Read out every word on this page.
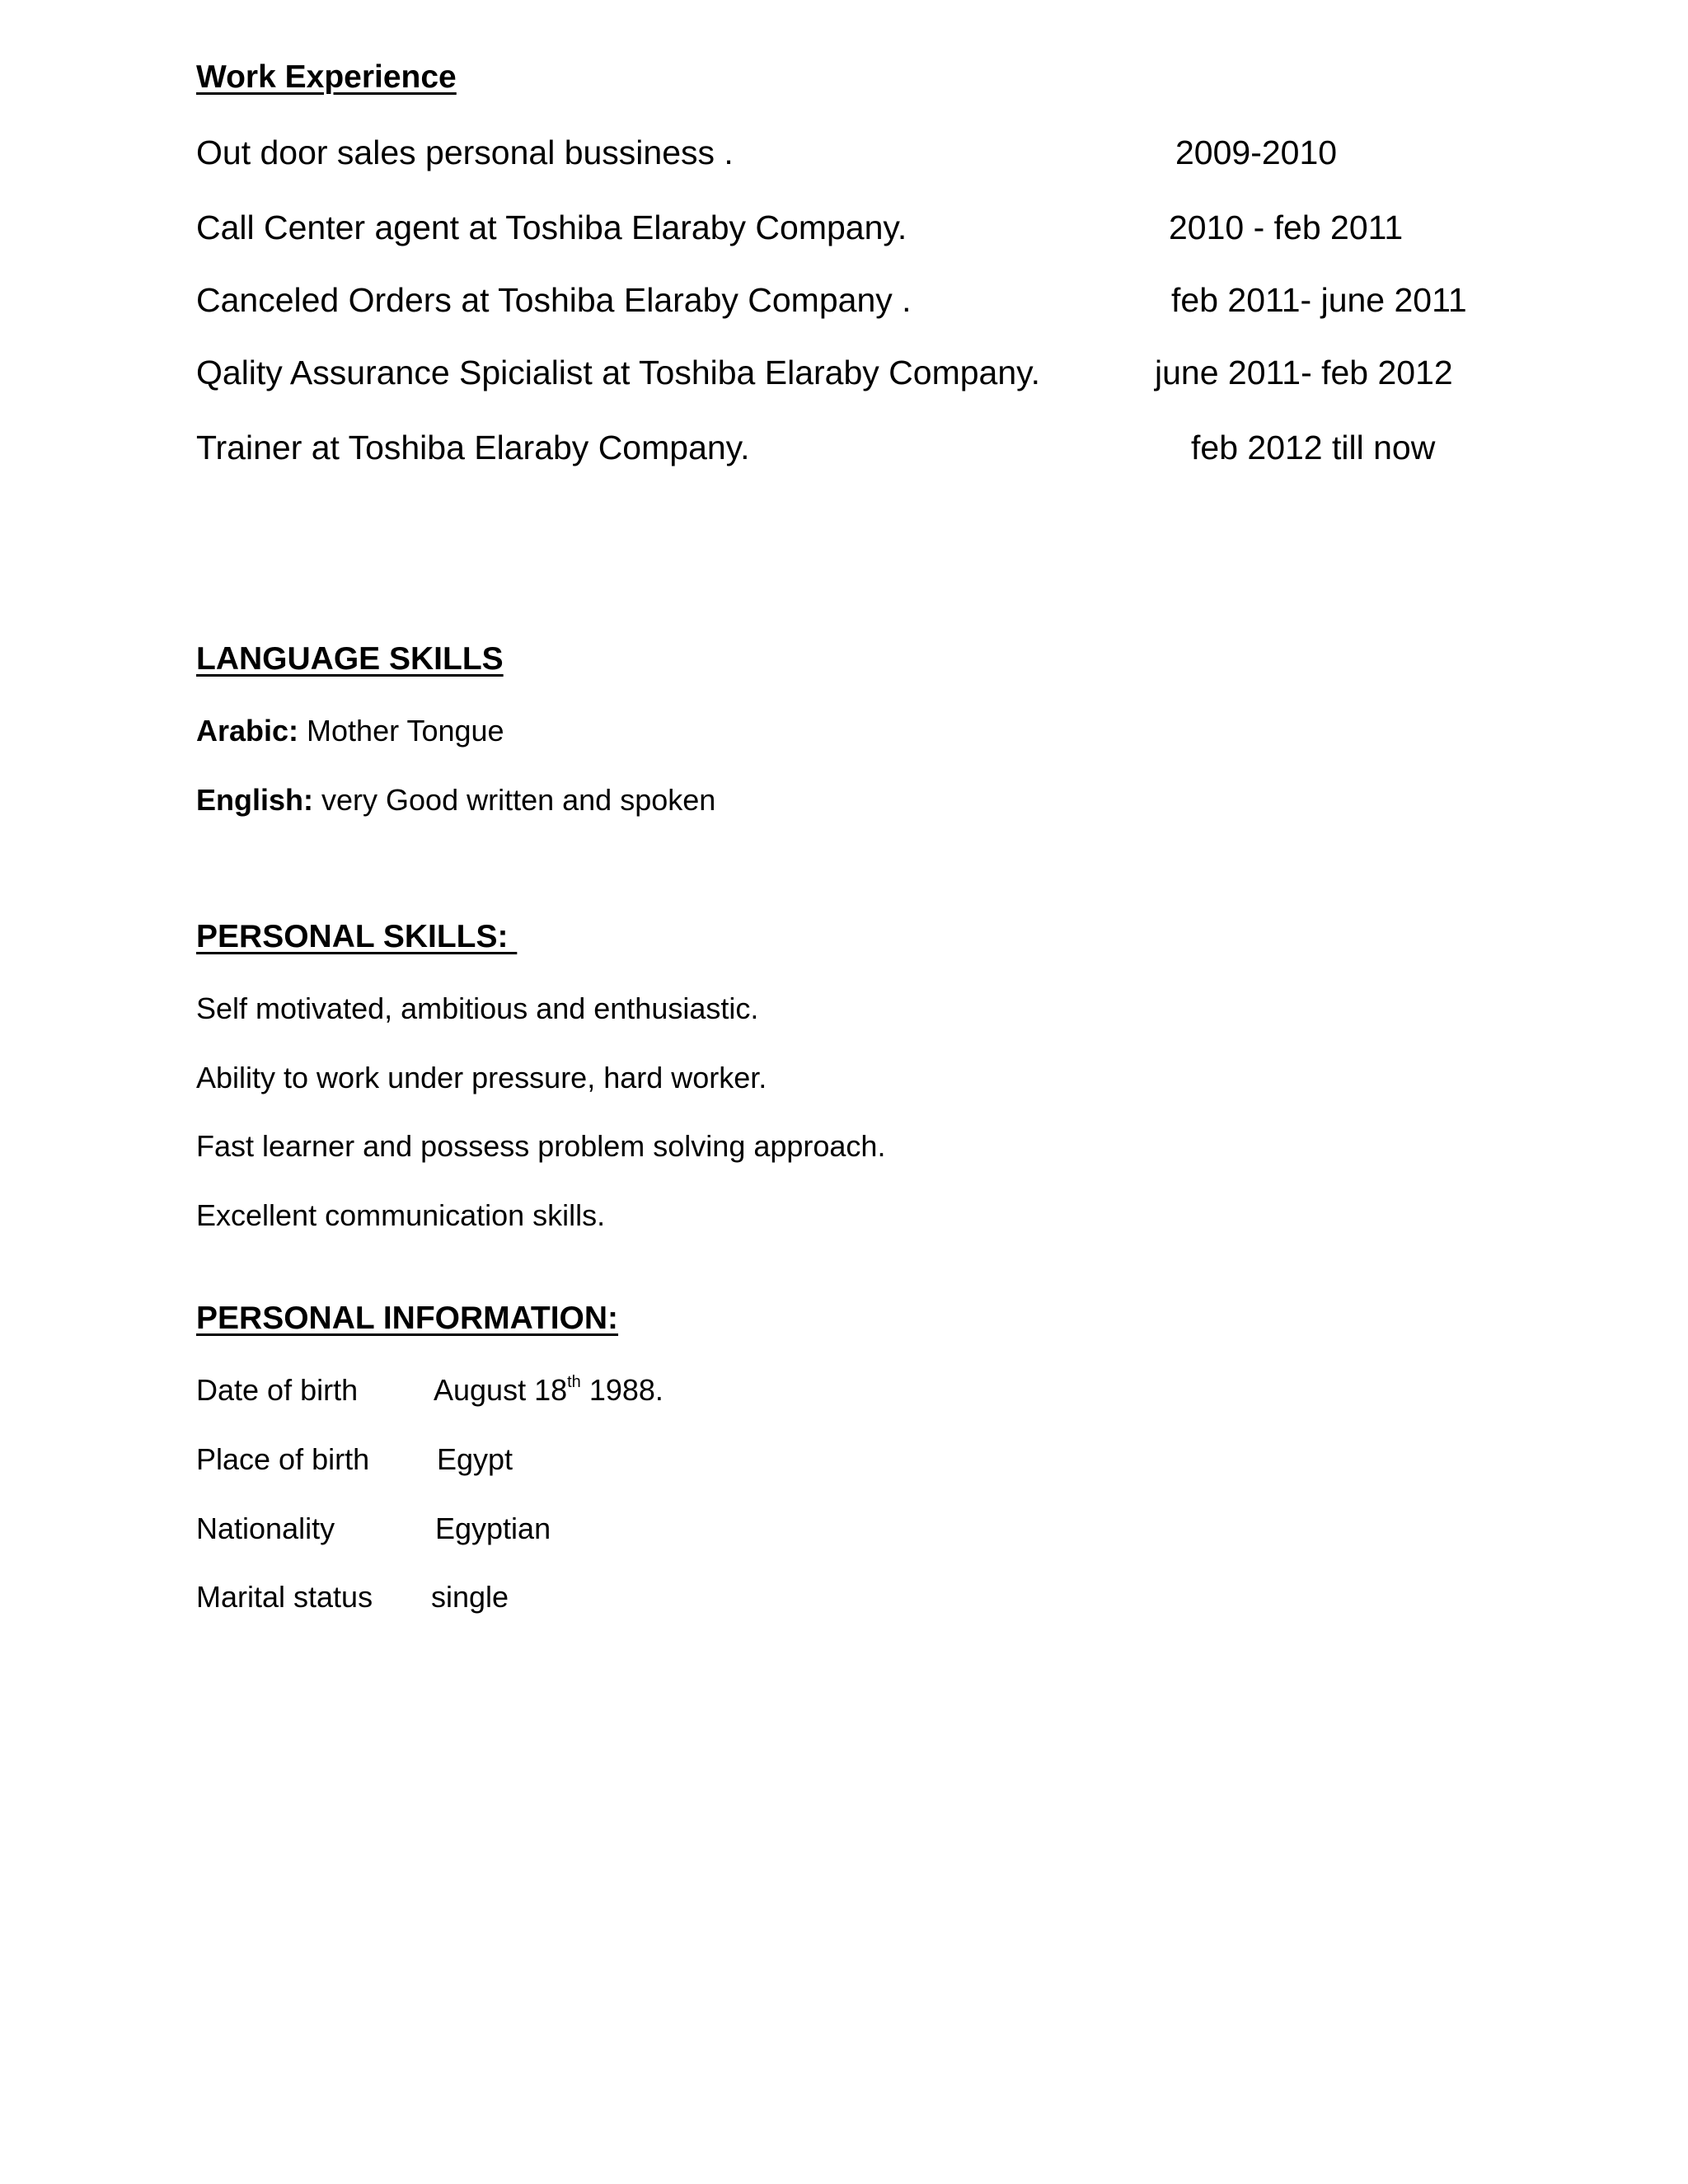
Work Experience
Out door sales personal bussiness .	2009-2010
Call Center agent at Toshiba Elaraby Company.	2010 - feb 2011
Canceled Orders at Toshiba Elaraby Company .	feb 2011- june 2011
Qality Assurance Spicialist at Toshiba Elaraby Company.	june 2011- feb 2012
Trainer at Toshiba Elaraby Company.	feb 2012 till now
LANGUAGE SKILLS
Arabic: Mother Tongue
English: very Good written and spoken
PERSONAL SKILLS:
Self motivated, ambitious and enthusiastic.
Ability to work under pressure, hard worker.
Fast learner and possess problem solving approach.
Excellent communication skills.
PERSONAL INFORMATION:
Date of birth	August 18th 1988.
Place of birth Egypt
Nationality	Egyptian
Marital status single
